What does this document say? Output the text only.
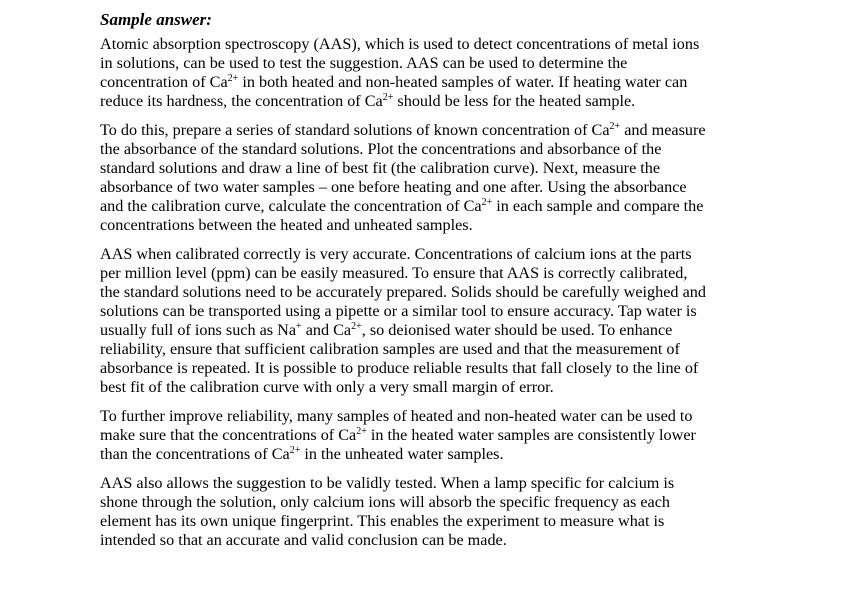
Sample answer:
Atomic absorption spectroscopy (AAS), which is used to detect concentrations of metal ions
in solutions, can be used to test the suggestion. AAS can be used to determine the
concentration of $Ca^{2+}$ in both heated and non-heated samples of water. If heating water can
reduce its hardness, the concentration of $Ca^{2+}$ should be less for the heated sample.
To do this, prepare a series of standard solutions of known concentration of $Ca^{2+}$ and measure
the absorbance of the standard solutions. Plot the concentrations and absorbance of the
standard solutions and draw a line of best fit (the calibration curve). Next, measure the
absorbance of two water samples – one before heating and one after. Using the absorbance
and the calibration curve, calculate the concentration of $Ca^{2+}$ in each sample and compare the
concentrations between the heated and unheated samples.
AAS when calibrated correctly is very accurate. Concentrations of calcium ions at the parts
per million level (ppm) can be easily measured. To ensure that AAS is correctly calibrated,
the standard solutions need to be accurately prepared. Solids should be carefully weighed and
solutions can be transported using a pipette or a similar tool to ensure accuracy. Tap water is
usually full of ions such as Na+ and $Ca^{2+}$, so deionised water should be used. To enhance
reliability, ensure that sufficient calibration samples are used and that the measurement of
absorbance is repeated. It is possible to produce reliable results that fall closely to the line of
best fit of the calibration curve with only a very small margin of error.
To further improve reliability, many samples of heated and non-heated water can be used to
make sure that the concentrations of $Ca^{2+}$ in the heated water samples are consistently lower
than the concentrations of $Ca^{2+}$ in the unheated water samples.
AAS also allows the suggestion to be validly tested. When a lamp specific for calcium is
shone through the solution, only calcium ions will absorb the specific frequency as each
element has its own unique fingerprint. This enables the experiment to measure what is
intended so that an accurate and valid conclusion can be made.
